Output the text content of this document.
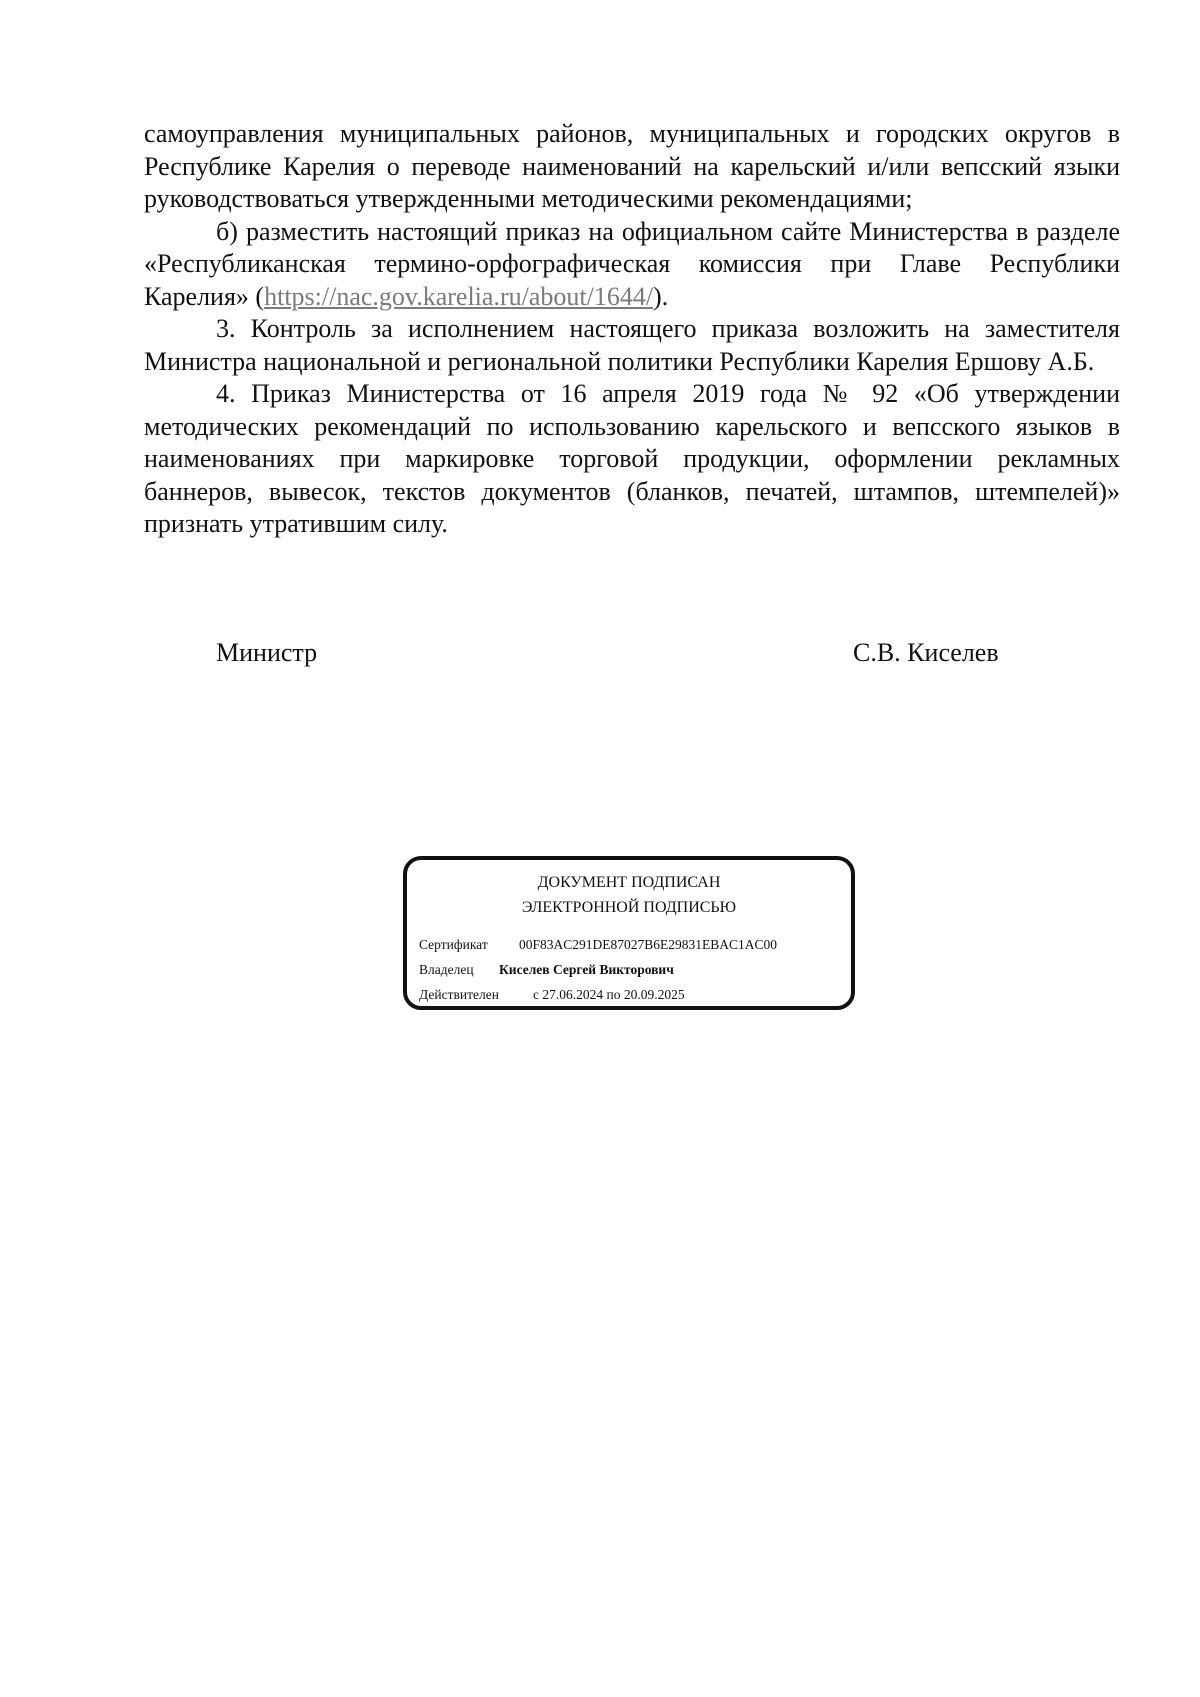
самоуправления муниципальных районов, муниципальных и городских округов в Республике Карелия о переводе наименований на карельский и/или вепсский языки руководствоваться утвержденными методическими рекомендациями;

б) разместить настоящий приказ на официальном сайте Министерства в разделе «Республиканская термино-орфографическая комиссия при Главе Республики Карелия» (https://nac.gov.karelia.ru/about/1644/).

3. Контроль за исполнением настоящего приказа возложить на заместителя Министра национальной и региональной политики Республики Карелия Ершову А.Б.

4. Приказ Министерства от 16 апреля 2019 года № 92 «Об утверждении методических рекомендаций по использованию карельского и вепсского языков в наименованиях при маркировке торговой продукции, оформлении рекламных баннеров, вывесок, текстов документов (бланков, печатей, штампов, штемпелей)» признать утратившим силу.

Министр	С.В. Киселев
ДОКУМЕНТ ПОДПИСАН
ЭЛЕКТРОННОЙ ПОДПИСЬЮ
Сертификат 00F83AC291DE87027B6E29831EBAC1AC00
Владелец Киселев Сергей Викторович
Действителен	с 27.06.2024 по 20.09.2025
